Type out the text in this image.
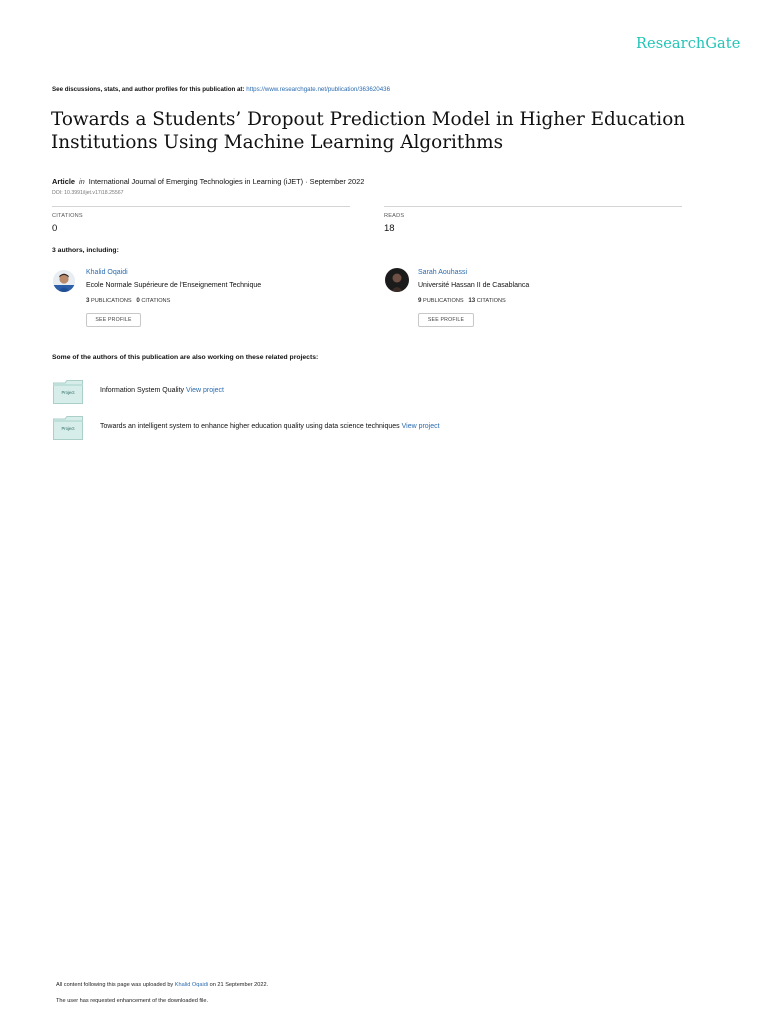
ResearchGate
See discussions, stats, and author profiles for this publication at: https://www.researchgate.net/publication/363620436
Towards a Students’ Dropout Prediction Model in Higher Education Institutions Using Machine Learning Algorithms
Article in International Journal of Emerging Technologies in Learning (iJET) · September 2022
DOI: 10.3991/ijet.v17i18.25567
CITATIONS
0
READS
18
3 authors, including:
Khalid Oqaidi
Ecole Normale Supérieure de l'Enseignement Technique
3 PUBLICATIONS 0 CITATIONS
SEE PROFILE
Sarah Aouhassi
Université Hassan II de Casablanca
9 PUBLICATIONS 13 CITATIONS
SEE PROFILE
Some of the authors of this publication are also working on these related projects:
Project	Information System Quality View project
Project	Towards an intelligent system to enhance higher education quality using data science techniques View project
All content following this page was uploaded by Khalid Oqaidi on 21 September 2022.
The user has requested enhancement of the downloaded file.
